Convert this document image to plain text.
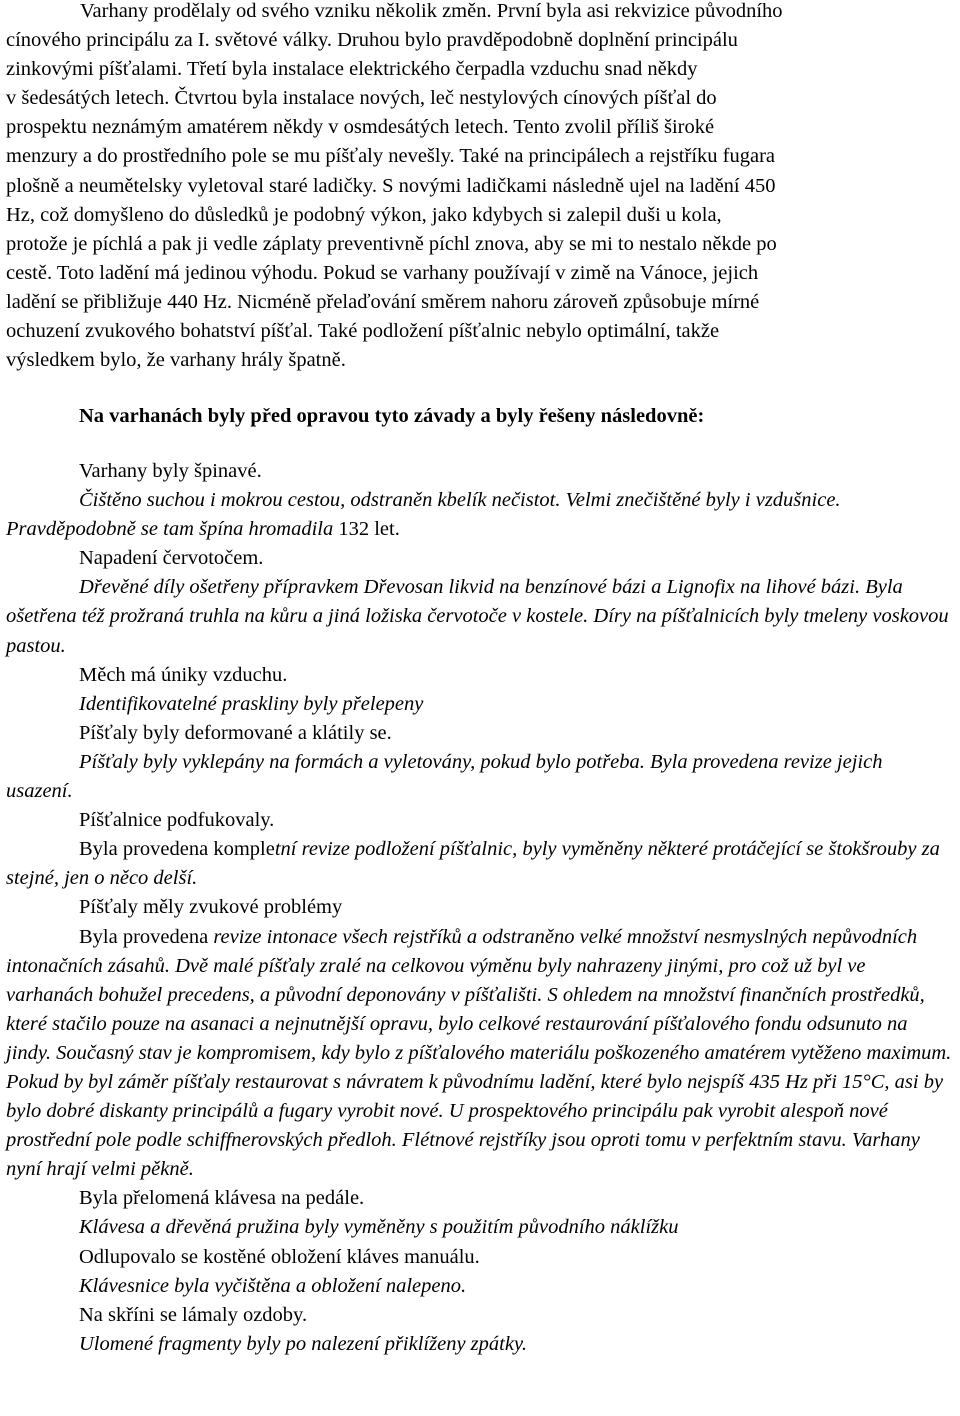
Varhany prodělaly od svého vzniku několik změn. První byla asi rekvizice původního
cínového principálu za I. světové války. Druhou bylo pravděpodobně doplnění principálu
zinkovými píšťalami. Třetí byla instalace elektrického čerpadla vzduchu snad někdy
v šedesátých letech. Čtvrtou byla instalace nových, leč nestylových cínových píšťal do
prospektu neznámým amatérem někdy v osmdesátých letech. Tento zvolil příliš široké
menzury a do prostředního pole se mu píšťaly nevešly. Také na principálech a rejstříku fugara
plošně a neumětelsky vyletoval staré ladičky. S novými ladičkami následně ujel na ladění 450
Hz, což domyšleno do důsledků je podobný výkon, jako kdybych si zalepil duši u kola,
protože je píchlá a pak ji vedle záplaty preventivně píchl znova, aby se mi to nestalo někde po
cestě. Toto ladění má jedinou výhodu. Pokud se varhany používají v zimě na Vánoce, jejich
ladění se přibližuje 440 Hz. Nicméně přelaďování směrem nahoru zároveň způsobuje mírné
ochuzení zvukového bohatství píšťal. Také podložení píšťalnic nebylo optimální, takže
výsledkem bylo, že varhany hrály špatně.
Na varhanách byly před opravou tyto závady a byly řešeny následovně:

Varhany byly špinavé.

Čištěno suchou i mokrou cestou, odstraněn kbelík nečistot. Velmi znečištěné byly i vzdušnice. Pravděpodobně se tam špína hromadila 132 let.

Napadení červotočem.

Dřevěné díly ošetřeny přípravkem Dřevosan likvid na benzínové bázi a Lignofix na lihové bázi. Byla ošetřena též prožraná truhla na kůru a jiná ložiska červotoče v kostele. Díry na píšťalnicích byly tmeleny voskovou pastou.

Měch má úniky vzduchu.

Identifikovatelné praskliny byly přelepeny

Píšťaly byly deformované a klátily se.

Píšťaly byly vyklepány na formách a vyletovány, pokud bylo potřeba. Byla provedena revize jejich usazení.

Píšťalnice podfukovaly.

Byla provedena kompletní revize podložení píšťalnic, byly vyměněny některé protáčející se štokšrouby za stejné, jen o něco delší.

Píšťaly měly zvukové problémy

Byla provedena revize intonace všech rejstříků a odstraněno velké množství nesmyslných nepůvodních intonačních zásahů. Dvě malé píšťaly zralé na celkovou výměnu byly nahrazeny jinými, pro což už byl ve varhanách bohužel precedens, a původní deponovány v píšťališti. S ohledem na množství finančních prostředků, které stačilo pouze na asanaci a nejnutnější opravu, bylo celkové restaurování píšťalového fondu odsunuto na jindy. Současný stav je kompromisem, kdy bylo z píšťalového materiálu poškozeného amatérem vytěženo maximum. Pokud by byl záměr píšťaly restaurovat s návratem k původnímu ladění, které bylo nejspíš 435 Hz při 15°C, asi by bylo dobré diskanty principálů a fugary vyrobit nové. U prospektového principálu pak vyrobit alespoň nové prostřední pole podle schiffnerovských předloh. Flétnové rejstříky jsou oproti tomu v perfektním stavu. Varhany nyní hrají velmi pěkně.

Byla přelomená klávesa na pedále.

Klávesa a dřevěná pružina byly vyměněny s použitím původního náklížku

Odlupovalo se kostěné obložení kláves manuálu.

Klávesnice byla vyčištěna a obložení nalepeno.

Na skříni se lámaly ozdoby.

Ulomené fragmenty byly po nalezení přiklíženy zpátky.
